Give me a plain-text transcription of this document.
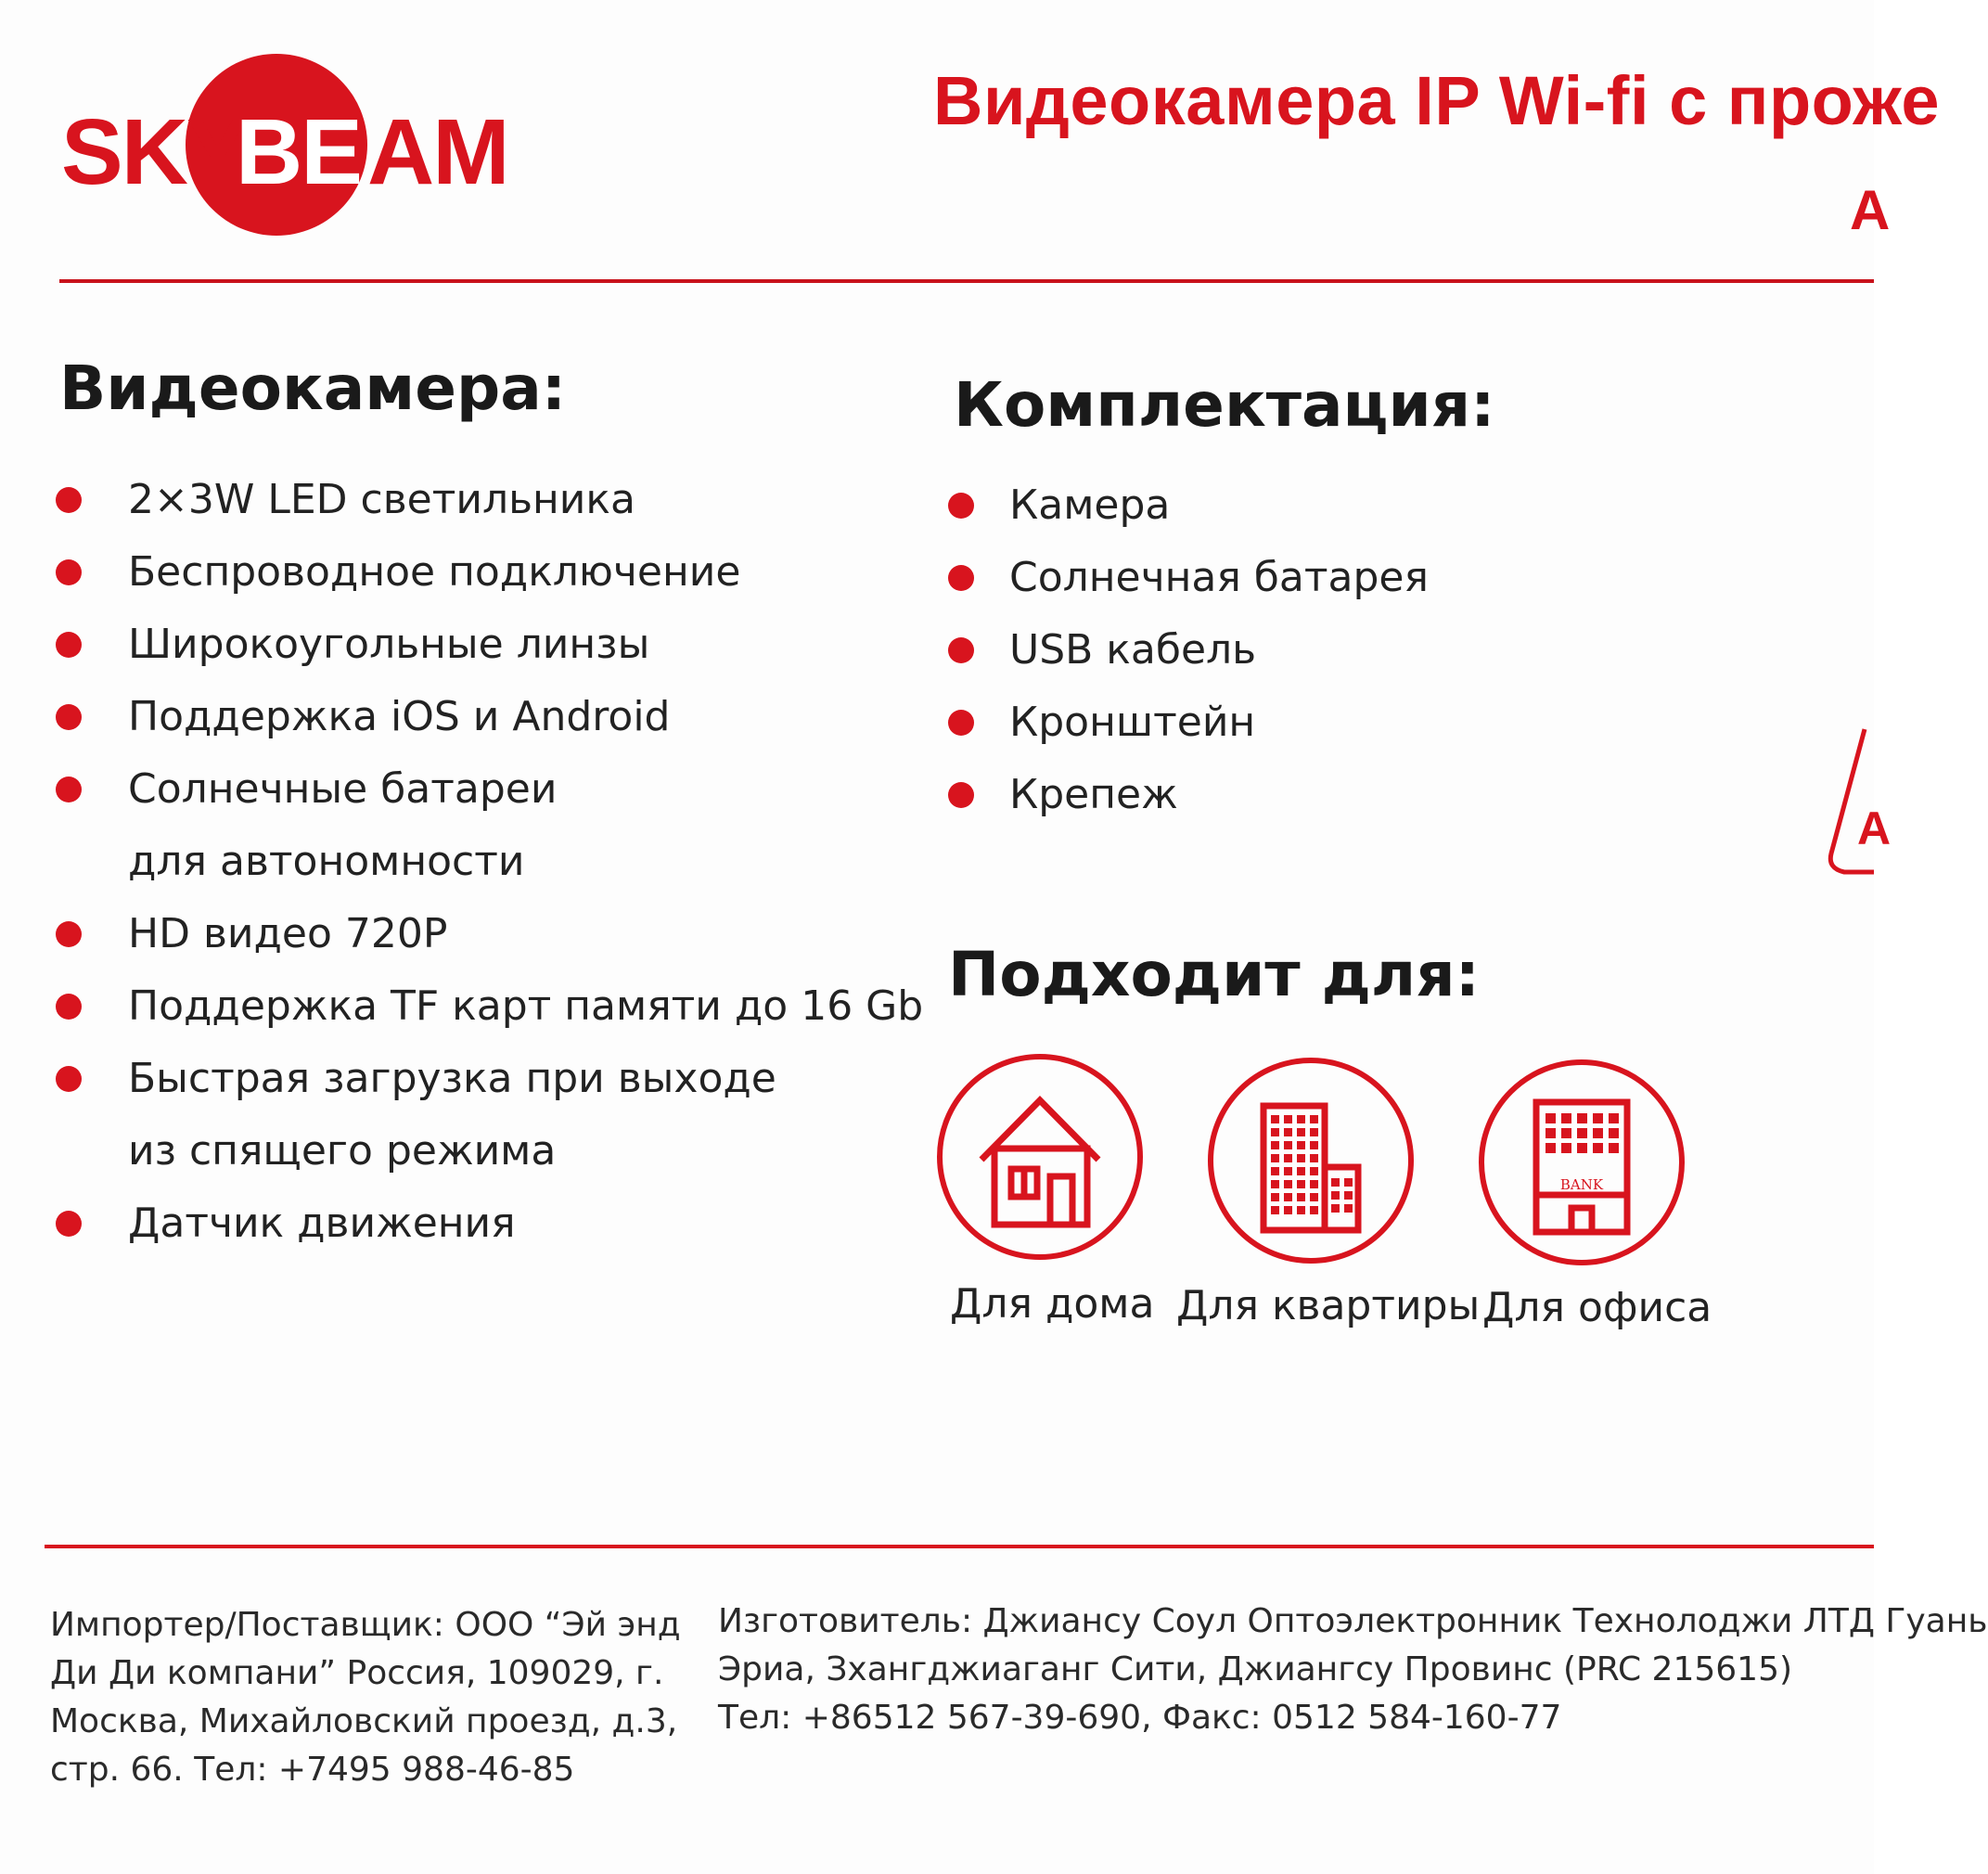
SKY
BE AM	Видеокамера IP Wi-fi с проже
А
Видеокамера:
2×3W LED светильника
Беспроводное подключение
Широкоугольные линзы
Поддержка iOS и Android
Солнечные батареи
для автономности
HD видео 720P
Поддержка TF карт памяти до 16 Gb
Быстрая загрузка при выходе
из спящего режима
Датчик движения
Комплектация:
Камера
Солнечная батарея
USB кабель
Кронштейн
Крепеж
Подходит для:
BANK
Для дома Для квартиры Для офиса
A
Импортер/Поставщик: ООО “Эй энд
Ди Ди компани” Россия, 109029, г.
Москва, Михайловский проезд, д.3,
стр. 66. Тел: +7495 988-46-85
Изготовитель: Джиансу Соул Оптоэлектронник Технолоджи ЛТД Гуань
Эриа, Зхангджиаганг Сити, Джиангсу Провинс (PRC 215615)
Тел: +86512 567-39-690, Факс: 0512 584-160-77
